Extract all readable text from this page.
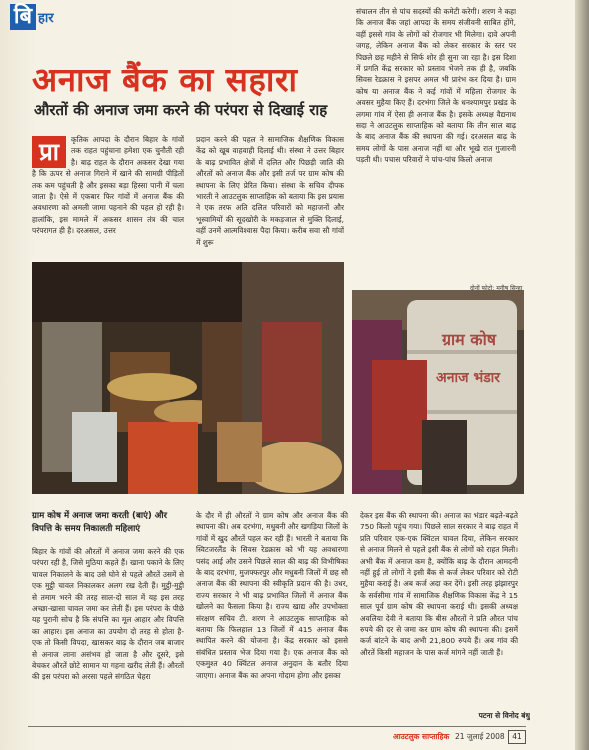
बि हार
अनाज बैंक का सहारा
औरतों की अनाज जमा करने की परंपरा से दिखाई राह
प्रा	कृतिक आपदा के दौरान बिहार के गांवों तक राहत पहुंचाना हमेशा एक चुनौती रही है। बाढ़ राहत के दौरान अकसर देखा गया है कि ऊपर से अनाज गिराने में खाने की सामग्री पीड़ितों तक कम पहुंचती है और इसका बड़ा हिस्सा पानी में चला जाता है। ऐसे में एकबार फिर गांवों में अनाज बैंक की अवधारणा को अमली जामा पहनाने की पहल हो रही है। हालांकि, इस मामले में अकसर शासन तंत्र की चाल परंपरागत ही है। दरअसल, उत्तर

प्रदान करने की पहल ने सामाजिक शैक्षणिक विकास केंद्र को खूब वाहवाही दिलाई थी। संस्था ने उत्तर बिहार के बाढ़ प्रभावित क्षेत्रों में दलित और पिछड़ी जाति की औरतों को अनाज बैंक और इसी तर्ज पर ग्राम कोष की स्थापना के लिए प्रेरित किया। संस्था के सचिव दीपक भारती ने आउटलुक साप्ताहिक को बताया कि इस प्रयास ने एक तरफ अति दलित परिवारों को महाजनों और भूस्वामियों की सूदखोरी के मकड़जाल से मुक्ति दिलाई, वहीं उनमें आत्मविश्वास पैदा किया। करीब सवा सौ गांवों में शुरू

संचालन तीन से पांच सदस्यों की कमेटी करेगी। शरण ने कहा कि अनाज बैंक जहां आपदा के समय संजीवनी साबित होंगे, वहीं इससे गांव के लोगों को रोजगार भी मिलेगा। दावे अपनी जगह, लेकिन अनाज बैंक को लेकर सरकार के स्तर पर पिछले छह महीने से सिर्फ शोर ही सुना जा रहा है। इस दिशा में प्रगति केंद्र सरकार को प्रस्ताव भेजने तक ही है, जबकि सिवस रेडक्रास ने इसपर अमल भी प्रारंभ कर दिया है। ग्राम कोष या अनाज बैंक ने कई गांवों में महिला रोजगार के अवसर मुहैया किए हैं। दरभंगा जिले के धनश्यामपुर प्रखंड के लगमा गांव में ऐसा ही अनाज बैंक है। इसके अध्यक्ष वैद्यनाथ सदा ने आउटलुक साप्ताहिक को बताया कि तीन साल बाढ़ के बाद अनाज बैंक की स्थापना की गई। दरअसल बाढ़ के समय लोगों के पास अनाज नहीं था और भूखे रात गुजारनी पड़ती थी। पचास परिवारों ने पांच-पांच किलो अनाज

ग्राम कोष
अनाज भंडार
दोनों फोटो: मनीष सिन्हा
ग्राम कोष में अनाज जमा करती (बाएं) और विपत्ति के समय निकालती महिलाएं

बिहार के गांवों की औरतों में अनाज जमा करने की एक परंपरा रही है, जिसे मुठिया कहते हैं। खाना पकाने के लिए चावल निकालने के बाद उसे घोने से पहले औरतें उसमें से एक मुट्ठी चावल निकालकर अलग रख देती हैं। मुट्ठी-मुट्ठी से तमाम भरने की तरह साल-दो साल में यह इस तरह अच्छा-खासा चावल जमा कर लेती हैं। इस परंपरा के पीछे यह पुरानी सोच है कि संपत्ति का मूल आहार और विपत्ति का आहार। इस अनाज का उपयोग दो तरह से होता है- एक तो किसी विपदा, खासकर बाढ़ के दौरान जब बाजार से अनाज लाना असंभव हो जाता है और दूसरे, इसे बेचकर औरतें छोटे सामान या गहना खरीद लेती हैं। औरतों की इस परंपरा को अरसा पहले संगठित चेहरा

के दौर में ही औरतों ने ग्राम कोष और अनाज बैंक की स्थापना की। अब दरभंगा, मधुबनी और खगड़िया जिलों के गांवों में खुद औरतें पहल कर रही हैं। भारती ने बताया कि स्विटजरलैंड के सिवस रेडक्रास को भी यह अवधारणा पसंद आई और उसने पिछले साल की बाढ़ की विभीषिका के बाद दरभंगा, मुजफ्फरपुर और मधुबनी जिलों में छह सौ अनाज बैंक की स्थापना की स्वीकृति प्रदान की है। उधर, राज्य सरकार ने भी बाढ़ प्रभावित जिलों में अनाज बैंक खोलने का फैसला किया है। राज्य खाद्य और उपभोक्ता संरक्षण सचिव टी. शरण ने आउटलुक साप्ताहिक को बताया कि फिलहाल 13 जिलों में 415 अनाज बैंक स्थापित करने की योजना है। केंद्र सरकार को इससे संबंधित प्रस्ताव भेज दिया गया है। एक अनाज बैंक को एकमुश्त 40 क्विंटल अनाज अनुदान के बतौर दिया जाएगा। अनाज बैंक का अपना गोदाम होगा और इसका

देकर इस बैंक की स्थापना की। अनाज का भंडार बढ़ते-बढ़ते 750 किलो पहुंच गया। पिछले साल सरकार ने बाढ़ राहत में प्रति परिवार एक-एक क्विंटल चावल दिया, लेकिन सरकार से अनाज मिलने से पहले इसी बैंक से लोगों को राहत मिली। अभी बैंक में अनाज कम है, क्योंकि बाढ़ के दौरान आमदनी नहीं हुई तो लोगों ने इसी बैंक से कर्ज लेकर परिवार को रोटी मुहैया कराई है। अब कर्ज अदा कर देंगे। इसी तरह झंझारपुर के सर्वसीमा गांव में सामाजिक शैक्षणिक विकास केंद्र ने 15 साल पूर्व ग्राम कोष की स्थापना कराई थी। इसकी अध्यक्ष अवलिया देवी ने बताया कि बीस औरतों ने प्रति औरत पांच रुपये की दर से जमा कर ग्राम कोष की स्थापना की। इसमें कर्ज बांटने के बाद अभी 21,800 रुपये हैं। अब गांव की औरतें किसी महाजन के पास कर्ज मांगने नहीं जाती हैं।

पटना से विनोद बंधु
आउटलुक साप्ताहिक 21 जुलाई 2008	41
